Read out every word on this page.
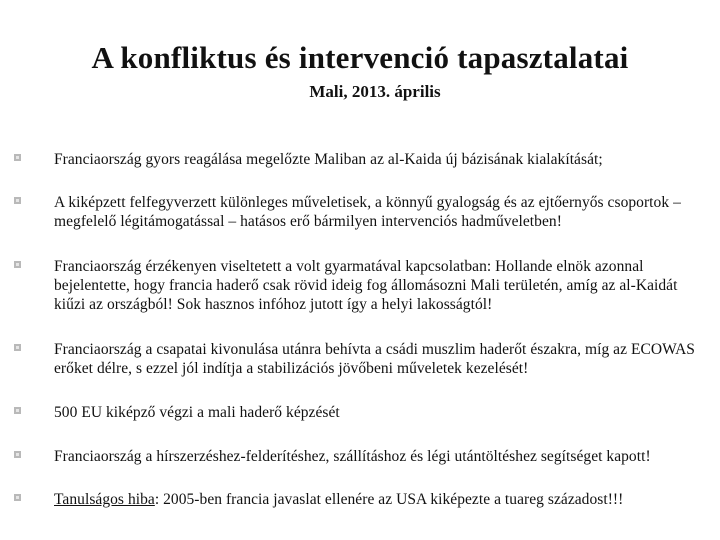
A konfliktus és intervenció tapasztalatai
Mali, 2013. április
Franciaország gyors reagálása megelőzte Maliban az al-Kaida új bázisának kialakítását;
A kiképzett felfegyverzett különleges műveletisek, a könnyű gyalogság és az ejtőernyős csoportok – megfelelő légitámogatással – hatásos erő bármilyen intervenciós hadműveletben!
Franciaország érzékenyen viseltetett a volt gyarmatával kapcsolatban: Hollande elnök azonnal bejelentette, hogy francia haderő csak rövid ideig fog állomásozni Mali területén, amíg az al-Kaidát kiűzi az országból! Sok hasznos infóhoz jutott így a helyi lakosságtól!
Franciaország a csapatai kivonulása utánra behívta a csádi muszlim haderőt északra, míg az ECOWAS erőket délre, s ezzel jól indítja a stabilizációs jövőbeni műveletek kezelését!
500 EU kiképző végzi a mali haderő képzését
Franciaország a hírszerzéshez-felderítéshez, szállításhoz és légi utántöltéshez segítséget kapott!
Tanulságos hiba: 2005-ben francia javaslat ellenére az USA kiképezte a tuareg századost!!!
